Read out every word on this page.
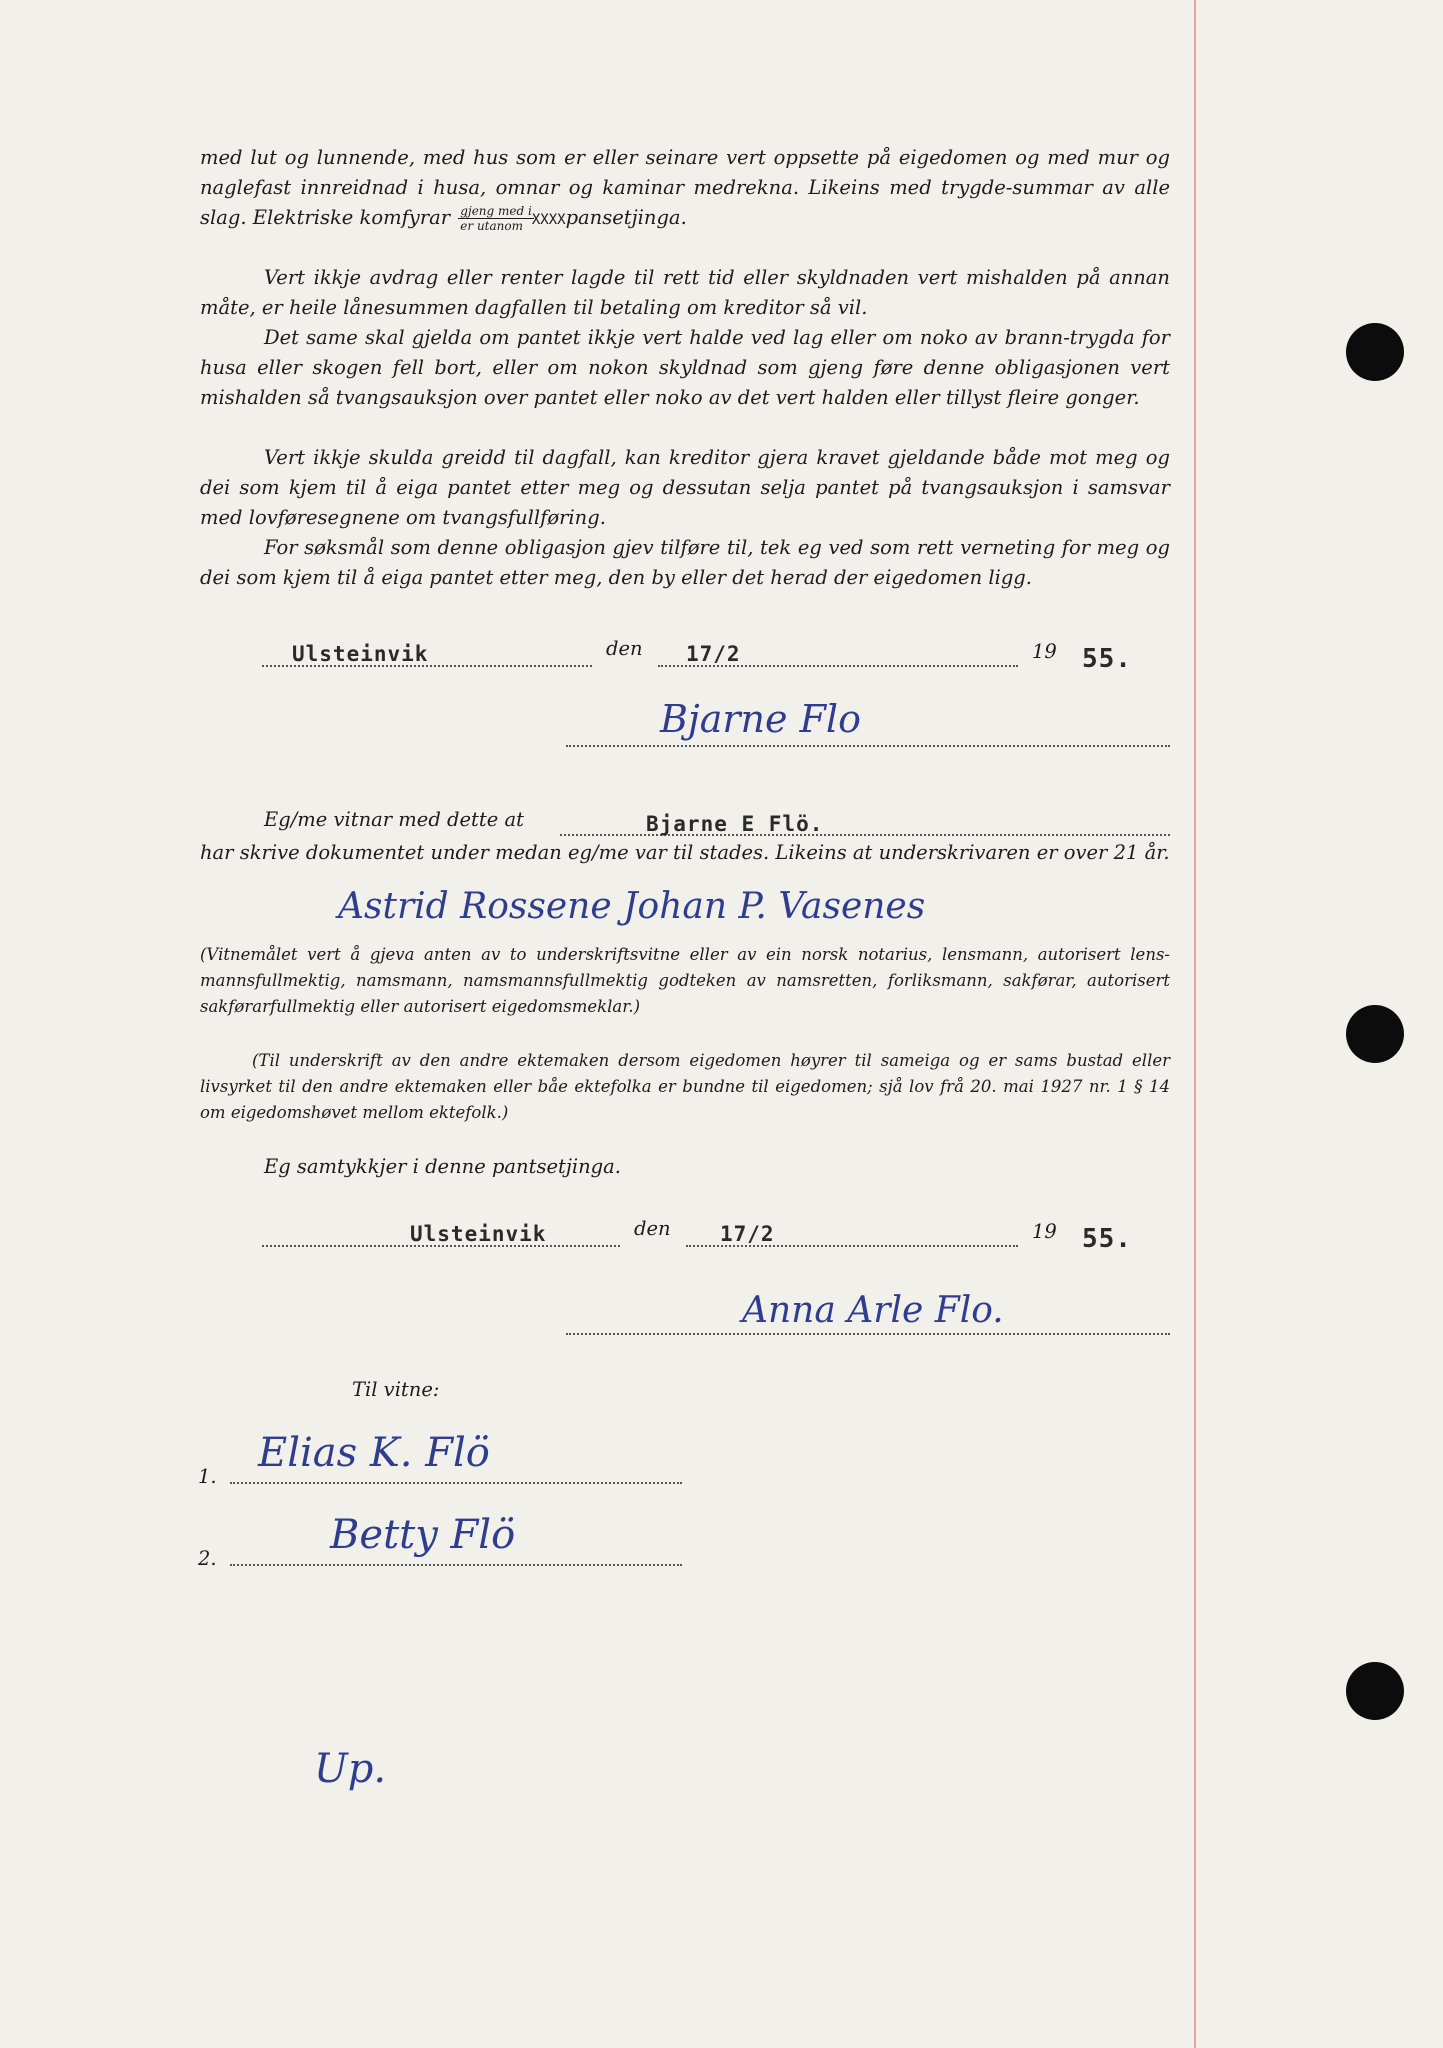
med lut og lunnende, med hus som er eller seinare vert oppsette på eigedomen og med mur og naglefast innreidnad i husa, omnar og kaminar medrekna. Likeins med trygde-summar av alle slag. Elektriske komfyrar $\frac{\text{gjeng med i}}{\text{er utanom}}$
XXXXpansetjinga.

Vert ikkje avdrag eller renter lagde til rett tid eller skyldnaden vert mishalden på annan måte, er heile lånesummen dagfallen til betaling om kreditor så vil.

Det same skal gjelda om pantet ikkje vert halde ved lag eller om noko av brann-trygda for husa eller skogen fell bort, eller om nokon skyldnad som gjeng føre denne obligasjonen vert mishalden så tvangsauksjon over pantet eller noko av det vert halden eller tillyst fleire gonger.

Vert ikkje skulda greidd til dagfall, kan kreditor gjera kravet gjeldande både mot meg og dei som kjem til å eiga pantet etter meg og dessutan selja pantet på tvangsauksjon i samsvar med lovføresegnene om tvangsfullføring.

For søksmål som denne obligasjon gjev tilføre til, tek eg ved som rett verneting for meg og dei som kjem til å eiga pantet etter meg, den by eller det herad der eigedomen ligg.

Ulsteinvik	den 17/2	19 55.
Bjarne Flo
Eg/me vitnar med dette at	Bjarne E Flö.

har skrive dokumentet under medan eg/me var til stades. Likeins at underskrivaren er over 21 år.

Astrid Rossene Johan P. Vasenes

(Vitnemålet vert å gjeva anten av to underskriftsvitne eller av ein norsk notarius, lensmann, autorisert lens-mannsfullmektig, namsmann, namsmannsfullmektig godteken av namsretten, forliksmann, sakførar, autorisert sakførarfullmektig eller autorisert eigedomsmeklar.)

(Til underskrift av den andre ektemaken dersom eigedomen høyrer til sameiga og er sams bustad eller livsyrket til den andre ektemaken eller båe ektefolka er bundne til eigedomen; sjå lov frå 20. mai 1927 nr. 1 § 14 om eigedomshøvet mellom ektefolk.)

Eg samtykkjer i denne pantsetjinga.
Ulsteinvik	den 17/2	19 55.
Anna Arle Flo.
Til vitne:
1.
Elias K. Flö
2.
Betty Flö
Up.
